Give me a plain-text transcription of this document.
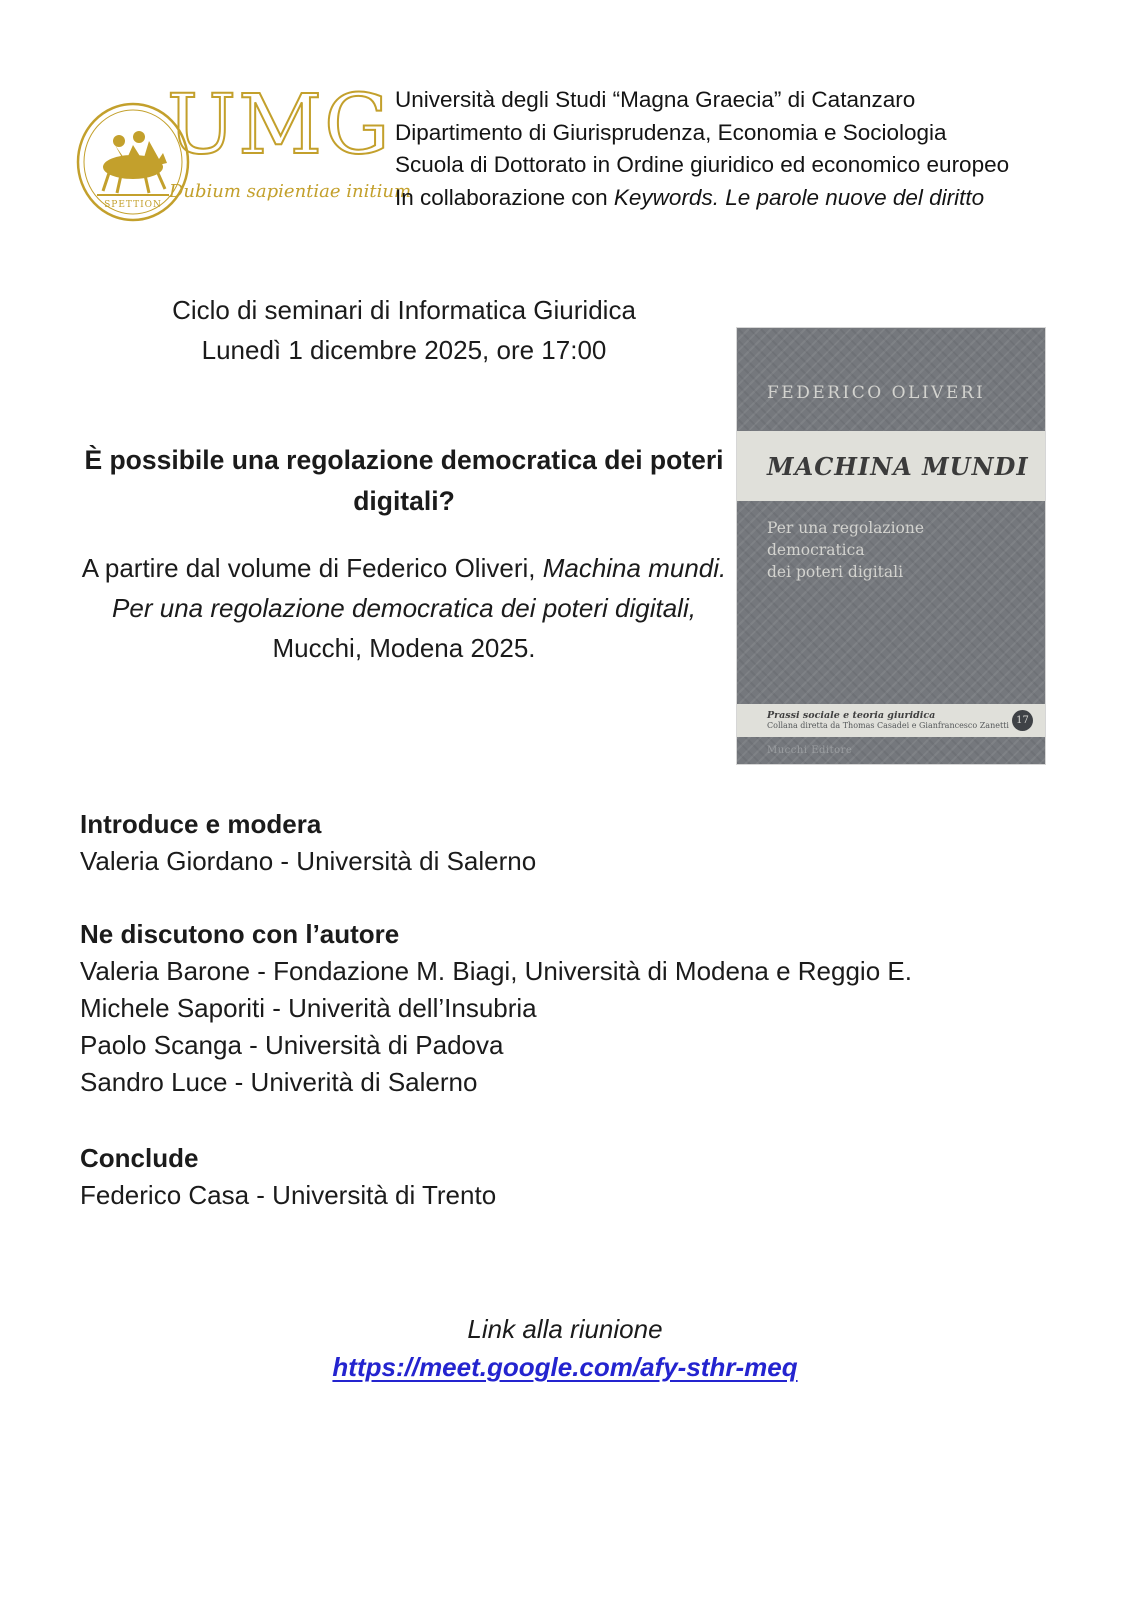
SPETTION
UMG
Dubium sapientiae initium
Università degli Studi “Magna Graecia” di Catanzaro
Dipartimento di Giurisprudenza, Economia e Sociologia
Scuola di Dottorato in Ordine giuridico ed economico europeo
In collaborazione con Keywords. Le parole nuove del diritto
Ciclo di seminari di Informatica Giuridica
Lunedì 1 dicembre 2025, ore 17:00
È possibile una regolazione democratica dei poteri
digitali?
A partire dal volume di Federico Oliveri, Machina mundi. Per una regolazione democratica dei poteri digitali, Mucchi, Modena 2025.
FEDERICO OLIVERI
MACHINA MUNDI
Per una regolazione democratica
dei poteri digitali
Prassi sociale e teoria giuridica
Collana diretta da Thomas Casadei e Gianfrancesco Zanetti 17
Mucchi Editore
Introduce e modera
Valeria Giordano - Università di Salerno
Ne discutono con l’autore
Valeria Barone - Fondazione M. Biagi, Università di Modena e Reggio E.
Michele Saporiti - Univerità dell’Insubria
Paolo Scanga - Università di Padova
Sandro Luce - Univerità di Salerno
Conclude
Federico Casa - Università di Trento
Link alla riunione
https://meet.google.com/afy-sthr-meq
